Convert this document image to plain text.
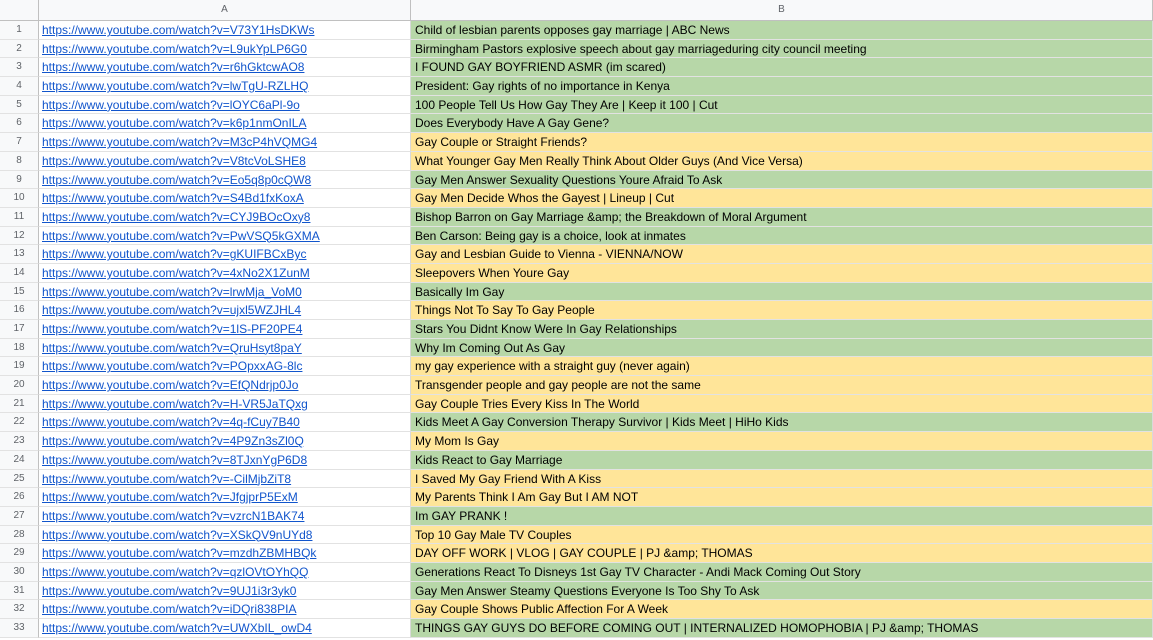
A	B
1	https://www.youtube.com/watch?v=V73Y1HsDKWs	Child of lesbian parents opposes gay marriage | ABC News
2	https://www.youtube.com/watch?v=L9ukYpLP6G0	Birmingham Pastors explosive speech about gay marriageduring city council meeting
3	https://www.youtube.com/watch?v=r6hGktcwAO8	I FOUND GAY BOYFRIEND ASMR (im scared)
4	https://www.youtube.com/watch?v=lwTgU-RZLHQ	President: Gay rights of no importance in Kenya
5	https://www.youtube.com/watch?v=lOYC6aPl-9o	100 People Tell Us How Gay They Are | Keep it 100 | Cut
6	https://www.youtube.com/watch?v=k6p1nmOnILA	Does Everybody Have A Gay Gene?
7	https://www.youtube.com/watch?v=M3cP4hVQMG4	Gay Couple or Straight Friends?
8	https://www.youtube.com/watch?v=V8tcVoLSHE8	What Younger Gay Men Really Think About Older Guys (And Vice Versa)
9	https://www.youtube.com/watch?v=Eo5q8p0cQW8	Gay Men Answer Sexuality Questions Youre Afraid To Ask
10	https://www.youtube.com/watch?v=S4Bd1fxKoxA	Gay Men Decide Whos the Gayest | Lineup | Cut
11	https://www.youtube.com/watch?v=CYJ9BOcOxy8	Bishop Barron on Gay Marriage &amp; the Breakdown of Moral Argument
12	https://www.youtube.com/watch?v=PwVSQ5kGXMA	Ben Carson: Being gay is a choice, look at inmates
13	https://www.youtube.com/watch?v=gKUIFBCxByc	Gay and Lesbian Guide to Vienna - VIENNA/NOW
14	https://www.youtube.com/watch?v=4xNo2X1ZunM	Sleepovers When Youre Gay
15	https://www.youtube.com/watch?v=lrwMja_VoM0	Basically Im Gay
16	https://www.youtube.com/watch?v=ujxl5WZJHL4	Things Not To Say To Gay People
17	https://www.youtube.com/watch?v=1lS-PF20PE4	Stars You Didnt Know Were In Gay Relationships
18	https://www.youtube.com/watch?v=QruHsyt8paY	Why Im Coming Out As Gay
19	https://www.youtube.com/watch?v=POpxxAG-8lc	my gay experience with a straight guy (never again)
20	https://www.youtube.com/watch?v=EfQNdrjp0Jo	Transgender people and gay people are not the same
21	https://www.youtube.com/watch?v=H-VR5JaTQxg	Gay Couple Tries Every Kiss In The World
22	https://www.youtube.com/watch?v=4q-fCuy7B40	Kids Meet A Gay Conversion Therapy Survivor | Kids Meet | HiHo Kids
23	https://www.youtube.com/watch?v=4P9Zn3sZl0Q	My Mom Is Gay
24	https://www.youtube.com/watch?v=8TJxnYgP6D8	Kids React to Gay Marriage
25	https://www.youtube.com/watch?v=-CilMjbZiT8	I Saved My Gay Friend With A Kiss
26	https://www.youtube.com/watch?v=JfgjprP5ExM	My Parents Think I Am Gay But I AM NOT
27	https://www.youtube.com/watch?v=vzrcN1BAK74	Im GAY PRANK !
28	https://www.youtube.com/watch?v=XSkQV9nUYd8	Top 10 Gay Male TV Couples
29	https://www.youtube.com/watch?v=mzdhZBMHBQk	DAY OFF WORK | VLOG | GAY COUPLE | PJ &amp; THOMAS
30	https://www.youtube.com/watch?v=qzlOVtOYhQQ	Generations React To Disneys 1st Gay TV Character - Andi Mack Coming Out Story
31	https://www.youtube.com/watch?v=9UJ1i3r3yk0	Gay Men Answer Steamy Questions Everyone Is Too Shy To Ask
32	https://www.youtube.com/watch?v=iDQri838PIA	Gay Couple Shows Public Affection For A Week
33	https://www.youtube.com/watch?v=UWXbIL_owD4	THINGS GAY GUYS DO BEFORE COMING OUT | INTERNALIZED HOMOPHOBIA | PJ &amp; THOMAS
